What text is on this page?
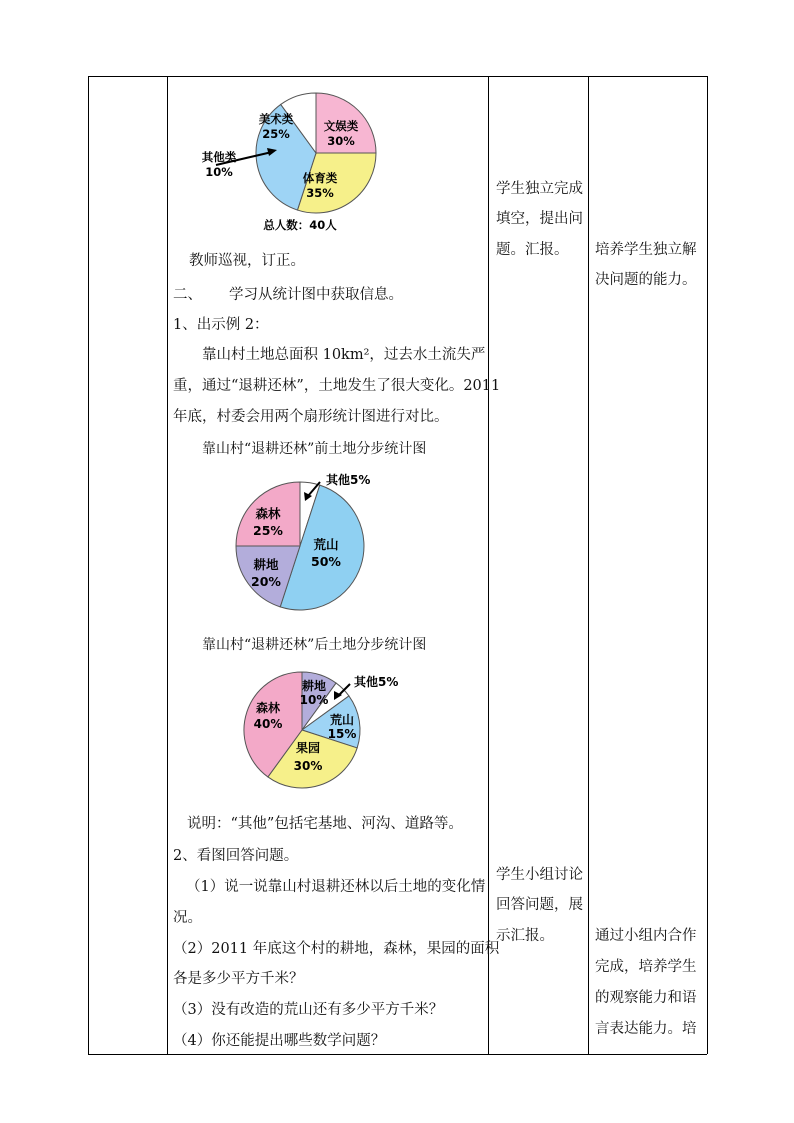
其他类
10%
美术类
25%
文娱类
30%
体育类
35%
总人数：40人
教师巡视，订正。
二、 学习从统计图中获取信息。
1、出示例 2：
靠山村土地总面积 10km²，过去水土流失严
重，通过“退耕还林”，土地发生了很大变化。2011
年底，村委会用两个扇形统计图进行对比。
靠山村“退耕还林”前土地分步统计图
其他5%
荒山
50%
森林
25%
耕地
20%
靠山村“退耕还林”后土地分步统计图
其他5%
耕地
10%
荒山
15%
果园
30%
森林
40%
说明：“其他”包括宅基地、河沟、道路等。
2、看图回答问题。
（1）说一说靠山村退耕还林以后土地的变化情
况。
（2）2011 年底这个村的耕地，森林，果园的面积
各是多少平方千米？
（3）没有改造的荒山还有多少平方千米？
（4）你还能提出哪些数学问题？
学生独立完成
填空，提出问
题。汇报。
学生小组讨论
回答问题，展
示汇报。
培养学生独立解
决问题的能力。
通过小组内合作
完成，培养学生
的观察能力和语
言表达能力。培
